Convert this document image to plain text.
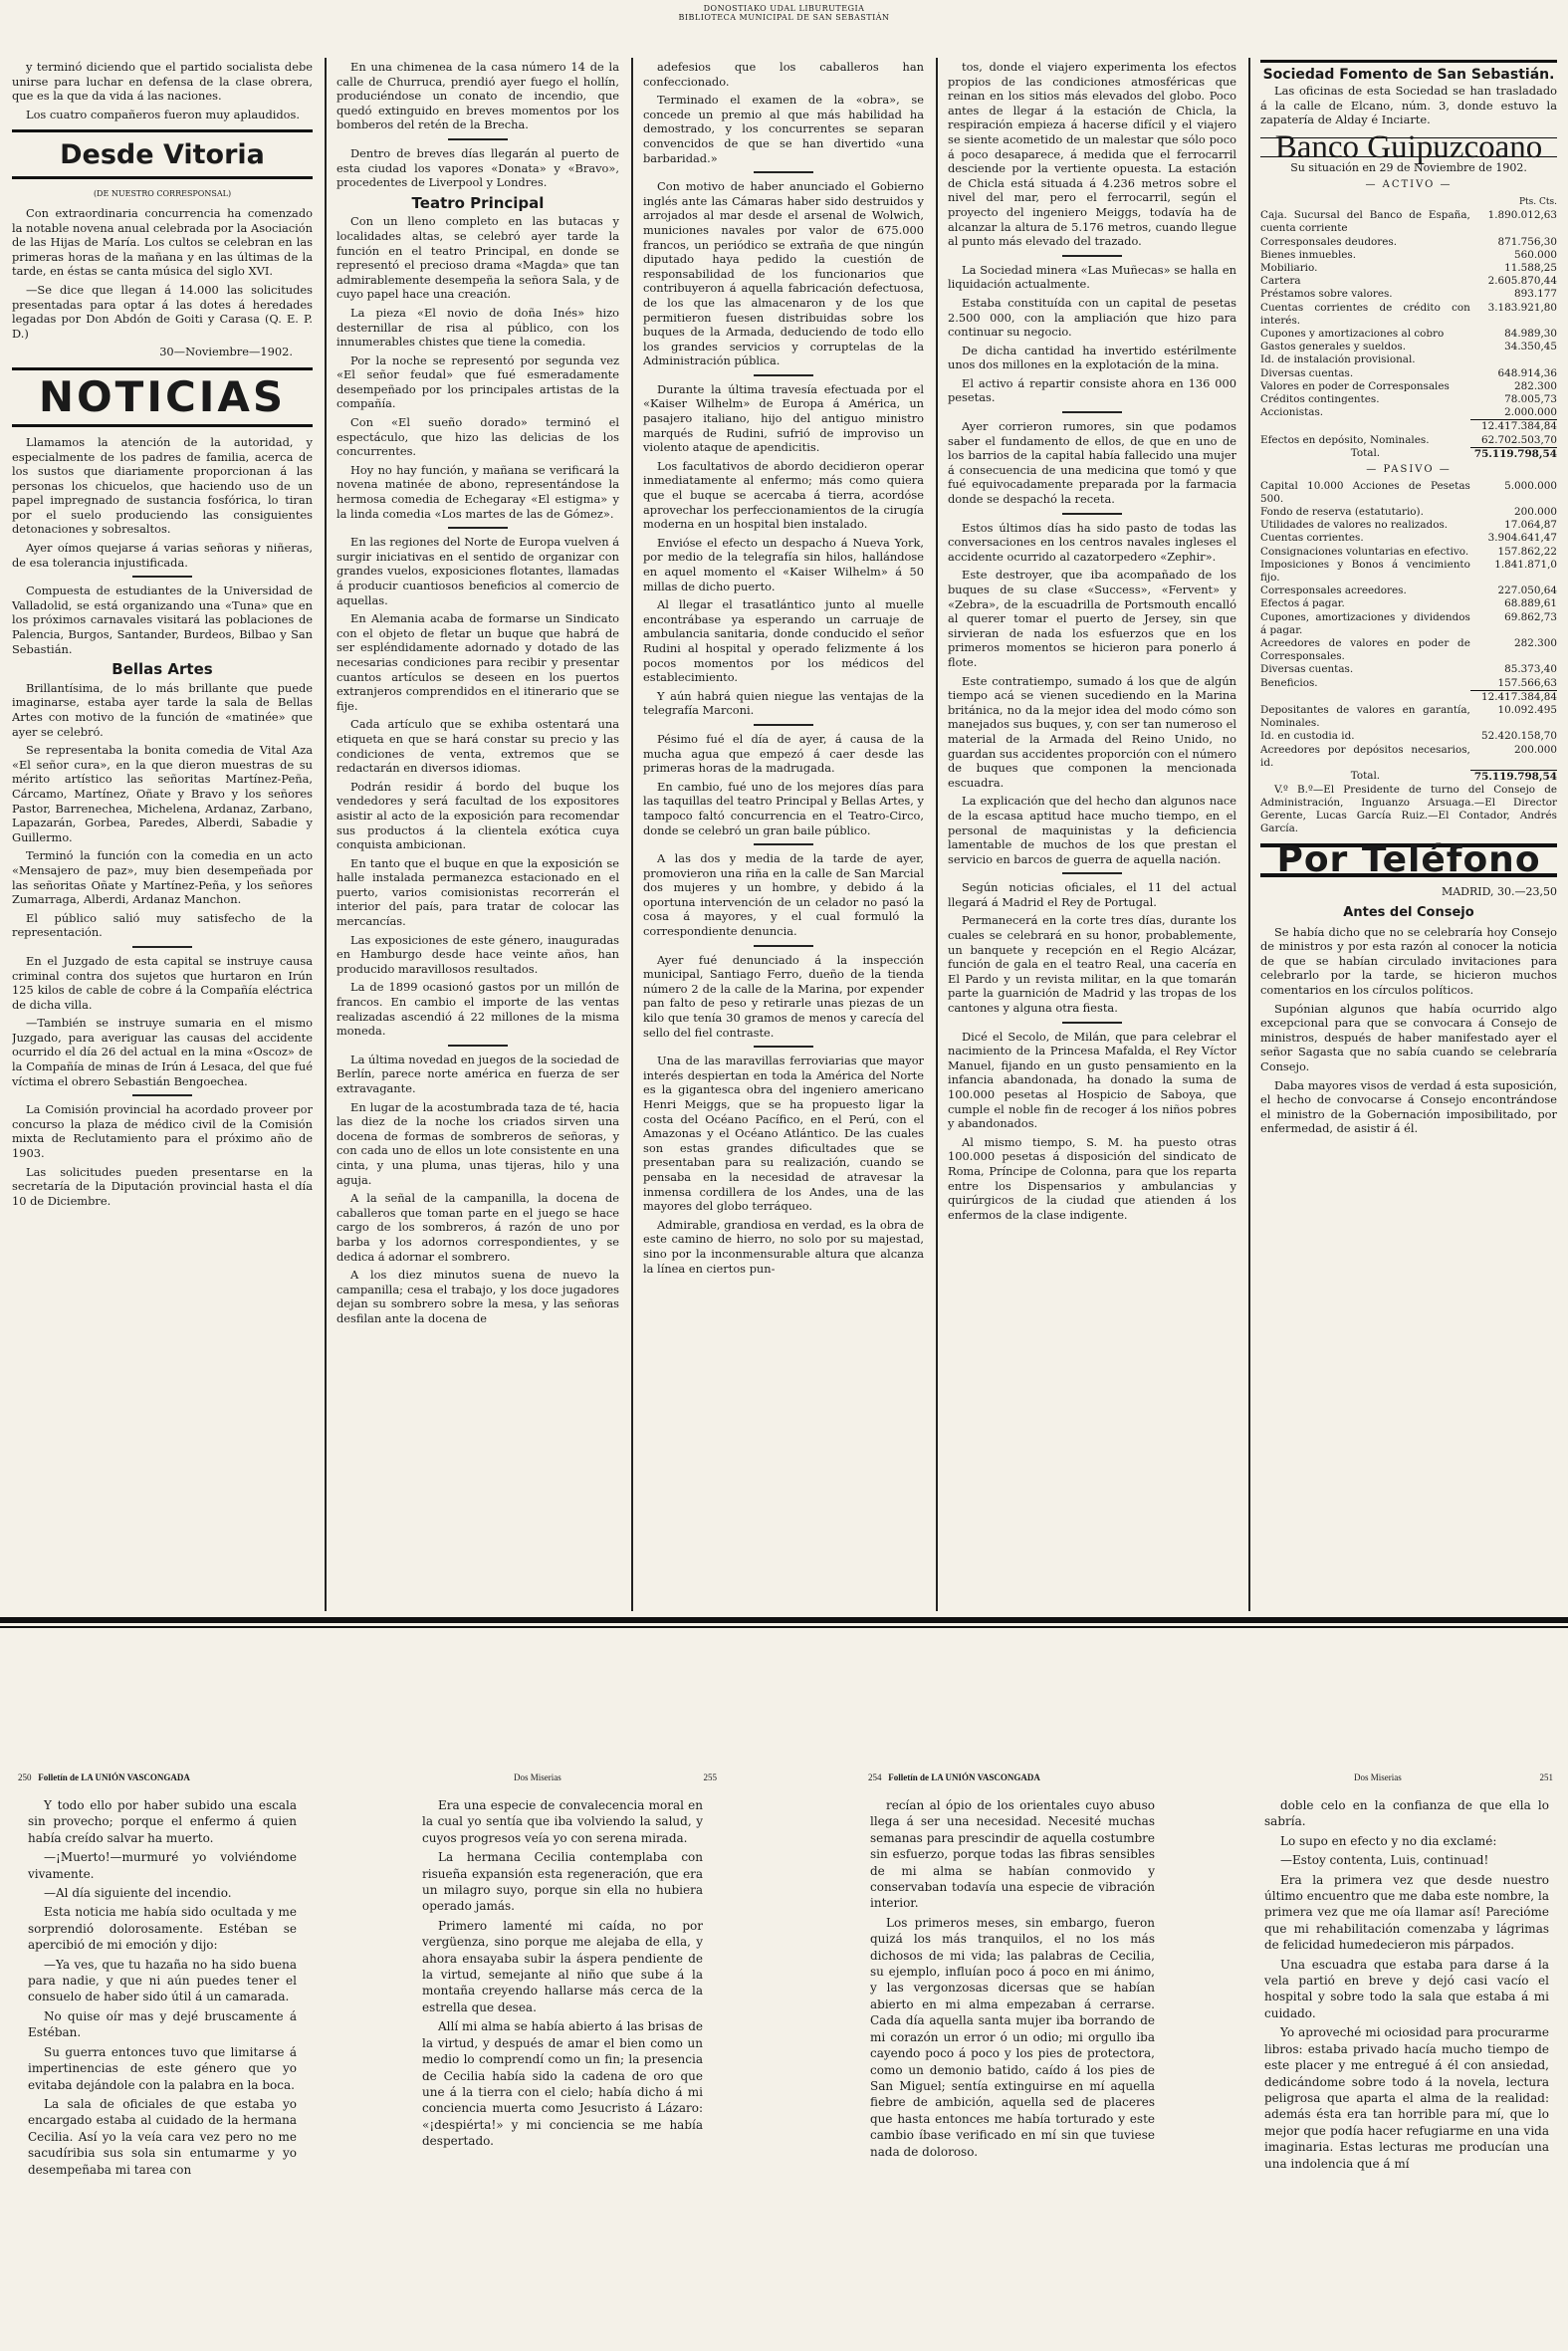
DONOSTIAKO UDAL LIBURUTEGIA
BIBLIOTECA MUNICIPAL DE SAN SEBASTIÁN

y terminó diciendo que el partido socialista debe unirse para luchar en defensa de la clase obrera, que es la que da vida á las naciones.

Los cuatro compañeros fueron muy aplaudidos.

Desde Vitoria
(DE NUESTRO CORRESPONSAL)

Con extraordinaria concurrencia ha comenzado la notable novena anual celebrada por la Asociación de las Hijas de María. Los cultos se celebran en las primeras horas de la mañana y en las últimas de la tarde, en éstas se canta música del siglo XVI.

—Se dice que llegan á 14.000 las solicitudes presentadas para optar á las dotes á heredades legadas por Don Abdón de Goiti y Carasa (Q. E. P. D.)

30—Noviembre—1902.
NOTICIAS

Llamamos la atención de la autoridad, y especialmente de los padres de familia, acerca de los sustos que diariamente proporcionan á las personas los chicuelos, que haciendo uso de un papel impregnado de sustancia fosfórica, lo tiran por el suelo produciendo las consiguientes detonaciones y sobresaltos.

Ayer oímos quejarse á varias señoras y niñeras, de esa tolerancia injustificada.

Compuesta de estudiantes de la Universidad de Valladolid, se está organizando una «Tuna» que en los próximos carnavales visitará las poblaciones de Palencia, Burgos, Santander, Burdeos, Bilbao y San Sebastián.

Bellas Artes

Brillantísima, de lo más brillante que puede imaginarse, estaba ayer tarde la sala de Bellas Artes con motivo de la función de «matinée» que ayer se celebró.

Se representaba la bonita comedia de Vital Aza «El señor cura», en la que dieron muestras de su mérito artístico las señoritas Martínez-Peña, Cárcamo, Martínez, Oñate y Bravo y los señores Pastor, Barrenechea, Michelena, Ardanaz, Zarbano, Lapazarán, Gorbea, Paredes, Alberdi, Sabadie y Guillermo.

Terminó la función con la comedia en un acto «Mensajero de paz», muy bien desempeñada por las señoritas Oñate y Martínez-Peña, y los señores Zumarraga, Alberdi, Ardanaz Manchon.

El público salió muy satisfecho de la representación.

En el Juzgado de esta capital se instruye causa criminal contra dos sujetos que hurtaron en Irún 125 kilos de cable de cobre á la Compañía eléctrica de dicha villa.

—También se instruye sumaria en el mismo Juzgado, para averiguar las causas del accidente ocurrido el día 26 del actual en la mina «Oscoz» de la Compañía de minas de Irún á Lesaca, del que fué víctima el obrero Sebastián Bengoechea.

La Comisión provincial ha acordado proveer por concurso la plaza de médico civil de la Comisión mixta de Reclutamiento para el próximo año de 1903.

Las solicitudes pueden presentarse en la secretaría de la Diputación provincial hasta el día 10 de Diciembre.

En una chimenea de la casa número 14 de la calle de Churruca, prendió ayer fuego el hollín, produciéndose un conato de incendio, que quedó extinguido en breves momentos por los bomberos del retén de la Brecha.

Dentro de breves días llegarán al puerto de esta ciudad los vapores «Donata» y «Bravo», procedentes de Liverpool y Londres.

Teatro Principal

Con un lleno completo en las butacas y localidades altas, se celebró ayer tarde la función en el teatro Principal, en donde se representó el precioso drama «Magda» que tan admirablemente desempeña la señora Sala, y de cuyo papel hace una creación.

La pieza «El novio de doña Inés» hizo desternillar de risa al público, con los innumerables chistes que tiene la comedia.

Por la noche se representó por segunda vez «El señor feudal» que fué esmeradamente desempeñado por los principales artistas de la compañía.

Con «El sueño dorado» terminó el espectáculo, que hizo las delicias de los concurrentes.

Hoy no hay función, y mañana se verificará la novena matinée de abono, representándose la hermosa comedia de Echegaray «El estigma» y la linda comedia «Los martes de las de Gómez».

En las regiones del Norte de Europa vuelven á surgir iniciativas en el sentido de organizar con grandes vuelos, exposiciones flotantes, llamadas á producir cuantiosos beneficios al comercio de aquellas.

En Alemania acaba de formarse un Sindicato con el objeto de fletar un buque que habrá de ser espléndidamente adornado y dotado de las necesarias condiciones para recibir y presentar cuantos artículos se deseen en los puertos extranjeros comprendidos en el itinerario que se fije.

Cada artículo que se exhiba ostentará una etiqueta en que se hará constar su precio y las condiciones de venta, extremos que se redactarán en diversos idiomas.

Podrán residir á bordo del buque los vendedores y será facultad de los expositores asistir al acto de la exposición para recomendar sus productos á la clientela exótica cuya conquista ambicionan.

En tanto que el buque en que la exposición se halle instalada permanezca estacionado en el puerto, varios comisionistas recorrerán el interior del país, para tratar de colocar las mercancías.

Las exposiciones de este género, inauguradas en Hamburgo desde hace veinte años, han producido maravillosos resultados.

La de 1899 ocasionó gastos por un millón de francos. En cambio el importe de las ventas realizadas ascendió á 22 millones de la misma moneda.

La última novedad en juegos de la sociedad de Berlín, parece norte américa en fuerza de ser extravagante.

En lugar de la acostumbrada taza de té, hacia las diez de la noche los criados sirven una docena de formas de sombreros de señoras, y con cada uno de ellos un lote consistente en una cinta, y una pluma, unas tijeras, hilo y una aguja.

A la señal de la campanilla, la docena de caballeros que toman parte en el juego se hace cargo de los sombreros, á razón de uno por barba y los adornos correspondientes, y se dedica á adornar el sombrero.

A los diez minutos suena de nuevo la campanilla; cesa el trabajo, y los doce jugadores dejan su sombrero sobre la mesa, y las señoras desfilan ante la docena de

adefesios que los caballeros han confeccionado.

Terminado el examen de la «obra», se concede un premio al que más habilidad ha demostrado, y los concurrentes se separan convencidos de que se han divertido «una barbaridad.»

Con motivo de haber anunciado el Gobierno inglés ante las Cámaras haber sido destruidos y arrojados al mar desde el arsenal de Wolwich, municiones navales por valor de 675.000 francos, un periódico se extraña de que ningún diputado haya pedido la cuestión de responsabilidad de los funcionarios que contribuyeron á aquella fabricación defectuosa, de los que las almacenaron y de los que permitieron fuesen distribuidas sobre los buques de la Armada, deduciendo de todo ello los grandes servicios y corruptelas de la Administración pública.

Durante la última travesía efectuada por el «Kaiser Wilhelm» de Europa á América, un pasajero italiano, hijo del antiguo ministro marqués de Rudini, sufrió de improviso un violento ataque de apendicitis.

Los facultativos de abordo decidieron operar inmediatamente al enfermo; más como quiera que el buque se acercaba á tierra, acordóse aprovechar los perfeccionamientos de la cirugía moderna en un hospital bien instalado.

Envióse el efecto un despacho á Nueva York, por medio de la telegrafía sin hilos, hallándose en aquel momento el «Kaiser Wilhelm» á 50 millas de dicho puerto.

Al llegar el trasatlántico junto al muelle encontrábase ya esperando un carruaje de ambulancia sanitaria, donde conducido el señor Rudini al hospital y operado felizmente á los pocos momentos por los médicos del establecimiento.

Y aún habrá quien niegue las ventajas de la telegrafía Marconi.

Pésimo fué el día de ayer, á causa de la mucha agua que empezó á caer desde las primeras horas de la madrugada.

En cambio, fué uno de los mejores días para las taquillas del teatro Principal y Bellas Artes, y tampoco faltó concurrencia en el Teatro-Circo, donde se celebró un gran baile público.

A las dos y media de la tarde de ayer, promovieron una riña en la calle de San Marcial dos mujeres y un hombre, y debido á la oportuna intervención de un celador no pasó la cosa á mayores, y el cual formuló la correspondiente denuncia.

Ayer fué denunciado á la inspección municipal, Santiago Ferro, dueño de la tienda número 2 de la calle de la Marina, por expender pan falto de peso y retirarle unas piezas de un kilo que tenía 30 gramos de menos y carecía del sello del fiel contraste.

Una de las maravillas ferroviarias que mayor interés despiertan en toda la América del Norte es la gigantesca obra del ingeniero americano Henri Meiggs, que se ha propuesto ligar la costa del Océano Pacífico, en el Perú, con el Amazonas y el Océano Atlántico. De las cuales son estas grandes dificultades que se presentaban para su realización, cuando se pensaba en la necesidad de atravesar la inmensa cordillera de los Andes, una de las mayores del globo terráqueo.

Admirable, grandiosa en verdad, es la obra de este camino de hierro, no solo por su majestad, sino por la inconmensurable altura que alcanza la línea en ciertos pun-

tos, donde el viajero experimenta los efectos propios de las condiciones atmosféricas que reinan en los sitios más elevados del globo. Poco antes de llegar á la estación de Chicla, la respiración empieza á hacerse difícil y el viajero se siente acometido de un malestar que sólo poco á poco desaparece, á medida que el ferrocarril desciende por la vertiente opuesta. La estación de Chicla está situada á 4.236 metros sobre el nivel del mar, pero el ferrocarril, según el proyecto del ingeniero Meiggs, todavía ha de alcanzar la altura de 5.176 metros, cuando llegue al punto más elevado del trazado.

La Sociedad minera «Las Muñecas» se halla en liquidación actualmente.

Estaba constituída con un capital de pesetas 2.500 000, con la ampliación que hizo para continuar su negocio.

De dicha cantidad ha invertido estérilmente unos dos millones en la explotación de la mina.

El activo á repartir consiste ahora en 136 000 pesetas.

Ayer corrieron rumores, sin que podamos saber el fundamento de ellos, de que en uno de los barrios de la capital había fallecido una mujer á consecuencia de una medicina que tomó y que fué equivocadamente preparada por la farmacia donde se despachó la receta.

Estos últimos días ha sido pasto de todas las conversaciones en los centros navales ingleses el accidente ocurrido al cazatorpedero «Zephir».

Este destroyer, que iba acompañado de los buques de su clase «Success», «Fervent» y «Zebra», de la escuadrilla de Portsmouth encalló al querer tomar el puerto de Jersey, sin que sirvieran de nada los esfuerzos que en los primeros momentos se hicieron para ponerlo á flote.

Este contratiempo, sumado á los que de algún tiempo acá se vienen sucediendo en la Marina británica, no da la mejor idea del modo cómo son manejados sus buques, y, con ser tan numeroso el material de la Armada del Reino Unido, no guardan sus accidentes proporción con el número de buques que componen la mencionada escuadra.

La explicación que del hecho dan algunos nace de la escasa aptitud hace mucho tiempo, en el personal de maquinistas y la deficiencia lamentable de muchos de los que prestan el servicio en barcos de guerra de aquella nación.

Según noticias oficiales, el 11 del actual llegará á Madrid el Rey de Portugal.

Permanecerá en la corte tres días, durante los cuales se celebrará en su honor, probablemente, un banquete y recepción en el Regio Alcázar, función de gala en el teatro Real, una cacería en El Pardo y un revista militar, en la que tomarán parte la guarnición de Madrid y las tropas de los cantones y alguna otra fiesta.

Dicé el Secolo, de Milán, que para celebrar el nacimiento de la Princesa Mafalda, el Rey Víctor Manuel, fijando en un gusto pensamiento en la infancia abandonada, ha donado la suma de 100.000 pesetas al Hospicio de Saboya, que cumple el noble fin de recoger á los niños pobres y abandonados.

Al mismo tiempo, S. M. ha puesto otras 100.000 pesetas á disposición del sindicato de Roma, Príncipe de Colonna, para que los reparta entre los Dispensarios y ambulancias y quirúrgicos de la ciudad que atienden á los enfermos de la clase indigente.

Sociedad Fomento de San Sebastián.

Las oficinas de esta Sociedad se han trasladado á la calle de Elcano, núm. 3, donde estuvo la zapatería de Alday é Inciarte.

Banco Guipuzcoano
Su situación en 29 de Noviembre de 1902.
— ACTIVO —
Pts. Cts.
Caja. Sucursal del Banco de España, cuenta corriente	1.890.012,63
Corresponsales deudores.	871.756,30
Bienes inmuebles.	560.000
Mobiliario.	11.588,25
Cartera	2.605.870,44
Préstamos sobre valores.	893.177
Cuentas corrientes de crédito con interés.	3.183.921,80
Cupones y amortizaciones al cobro	84.989,30
Gastos generales y sueldos.	34.350,45
Id. de instalación provisional.	
Diversas cuentas.	648.914,36
Valores en poder de Corresponsales	282.300
Créditos contingentes.	78.005,73
Accionistas.	2.000.000
	12.417.384,84
Efectos en depósito, Nominales.	62.702.503,70
Total.	75.119.798,54
— PASIVO —
Capital 10.000 Acciones de Pesetas 500.	5.000.000
Fondo de reserva (estatutario).	200.000
Utilidades de valores no realizados.	17.064,87
Cuentas corrientes.	3.904.641,47
Consignaciones voluntarias en efectivo.	157.862,22
Imposiciones y Bonos á vencimiento fijo.	1.841.871,0
Corresponsales acreedores.	227.050,64
Efectos á pagar.	68.889,61
Cupones, amortizaciones y dividendos á pagar.	69.862,73
Acreedores de valores en poder de Corresponsales.	282.300
Diversas cuentas.	85.373,40
Beneficios.	157.566,63
	12.417.384,84
Depositantes de valores en garantía, Nominales.	10.092.495
Id. en custodia id.	52.420.158,70
Acreedores por depósitos necesarios, id.	200.000
Total.	75.119.798,54

V.º B.º—El Presidente de turno del Consejo de Administración, Inguanzo Arsuaga.—El Director Gerente, Lucas García Ruiz.—El Contador, Andrés García.

Por Teléfono
MADRID, 30.—23,50
Antes del Consejo

Se había dicho que no se celebraría hoy Consejo de ministros y por esta razón al conocer la noticia de que se habían circulado invitaciones para celebrarlo por la tarde, se hicieron muchos comentarios en los círculos políticos.

Supónian algunos que había ocurrido algo excepcional para que se convocara á Consejo de ministros, después de haber manifestado ayer el señor Sagasta que no sabía cuando se celebraría Consejo.

Daba mayores visos de verdad á esta suposición, el hecho de convocarse á Consejo encontrándose el ministro de la Gobernación imposibilitado, por enfermedad, de asistir á él.

250 Folletín de LA UNIÓN VASCONGADA	Dos Miserias	255	254 Folletín de LA UNIÓN VASCONGADA	Dos Miserias	251

Y todo ello por haber subido una escala sin provecho; porque el enfermo á quien había creído salvar ha muerto.

—¡Muerto!—murmuré yo volviéndome vivamente.

—Al día siguiente del incendio.

Esta noticia me había sido ocultada y me sorprendió dolorosamente. Estéban se apercibió de mi emoción y dijo:

—Ya ves, que tu hazaña no ha sido buena para nadie, y que ni aún puedes tener el consuelo de haber sido útil á un camarada.

No quise oír mas y dejé bruscamente á Estéban.

Su guerra entonces tuvo que limitarse á impertinencias de este género que yo evitaba dejándole con la palabra en la boca.

La sala de oficiales de que estaba yo encargado estaba al cuidado de la hermana Cecilia. Así yo la veía cara vez pero no me sacudíribia sus sola sin entumarme y yo desempeñaba mi tarea con

Era una especie de convalecencia moral en la cual yo sentía que iba volviendo la salud, y cuyos progresos veía yo con serena mirada.

La hermana Cecilia contemplaba con risueña expansión esta regeneración, que era un milagro suyo, porque sin ella no hubiera operado jamás.

Primero lamenté mi caída, no por vergüenza, sino porque me alejaba de ella, y ahora ensayaba subir la áspera pendiente de la virtud, semejante al niño que sube á la montaña creyendo hallarse más cerca de la estrella que desea.

Allí mi alma se había abierto á las brisas de la virtud, y después de amar el bien como un medio lo comprendí como un fin; la presencia de Cecilia había sido la cadena de oro que une á la tierra con el cielo; había dicho á mi conciencia muerta como Jesucristo á Lázaro: «¡despiérta!» y mi conciencia se me había despertado.

recían al ópio de los orientales cuyo abuso llega á ser una necesidad. Necesité muchas semanas para prescindir de aquella costumbre sin esfuerzo, porque todas las fibras sensibles de mi alma se habían conmovido y conservaban todavía una especie de vibración interior.

Los primeros meses, sin embargo, fueron quizá los más tranquilos, el no los más dichosos de mi vida; las palabras de Cecilia, su ejemplo, influían poco á poco en mi ánimo, y las vergonzosas dicersas que se habían abierto en mi alma empezaban á cerrarse. Cada día aquella santa mujer iba borrando de mi corazón un error ó un odio; mi orgullo iba cayendo poco á poco y los pies de protectora, como un demonio batido, caído á los pies de San Miguel; sentía extinguirse en mí aquella fiebre de ambición, aquella sed de placeres que hasta entonces me había torturado y este cambio íbase verificado en mí sin que tuviese nada de doloroso.

doble celo en la confianza de que ella lo sabría.

Lo supo en efecto y no dia exclamé:

—Estoy contenta, Luis, continuad!

Era la primera vez que desde nuestro último encuentro que me daba este nombre, la primera vez que me oía llamar así! Parecióme que mi rehabilitación comenzaba y lágrimas de felicidad humedecieron mis párpados.

Una escuadra que estaba para darse á la vela partió en breve y dejó casi vacío el hospital y sobre todo la sala que estaba á mi cuidado.

Yo aproveché mi ociosidad para procurarme libros: estaba privado hacía mucho tiempo de este placer y me entregué á él con ansiedad, dedicándome sobre todo á la novela, lectura peligrosa que aparta el alma de la realidad: además ésta era tan horrible para mí, que lo mejor que podía hacer refugiarme en una vida imaginaria. Estas lecturas me producían una una indolencia que á mí
